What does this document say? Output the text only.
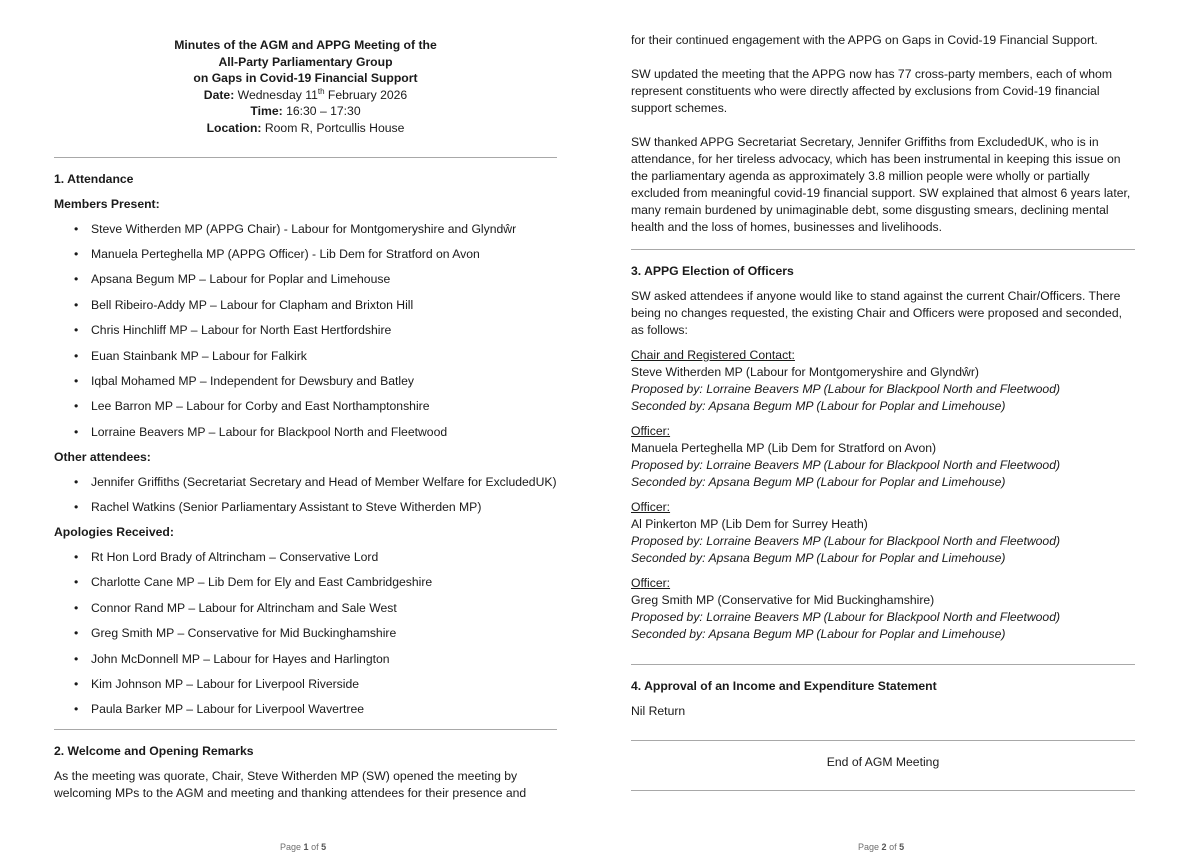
Minutes of the AGM and APPG Meeting of the
All-Party Parliamentary Group
on Gaps in Covid-19 Financial Support
Date: Wednesday 11th February 2026
Time: 16:30 – 17:30
Location: Room R, Portcullis House

1. Attendance

Members Present:

• Steve Witherden MP (APPG Chair) - Labour for Montgomeryshire and Glyndŵr
• Manuela Perteghella MP (APPG Officer) - Lib Dem for Stratford on Avon
• Apsana Begum MP – Labour for Poplar and Limehouse
• Bell Ribeiro-Addy MP – Labour for Clapham and Brixton Hill
• Chris Hinchliff MP – Labour for North East Hertfordshire
• Euan Stainbank MP – Labour for Falkirk
• Iqbal Mohamed MP – Independent for Dewsbury and Batley
• Lee Barron MP – Labour for Corby and East Northamptonshire
• Lorraine Beavers MP – Labour for Blackpool North and Fleetwood

Other attendees:

• Jennifer Griffiths (Secretariat Secretary and Head of Member Welfare for ExcludedUK)
• Rachel Watkins (Senior Parliamentary Assistant to Steve Witherden MP)

Apologies Received:

• Rt Hon Lord Brady of Altrincham – Conservative Lord
• Charlotte Cane MP – Lib Dem for Ely and East Cambridgeshire
• Connor Rand MP – Labour for Altrincham and Sale West
• Greg Smith MP – Conservative for Mid Buckinghamshire
• John McDonnell MP – Labour for Hayes and Harlington
• Kim Johnson MP – Labour for Liverpool Riverside
• Paula Barker MP – Labour for Liverpool Wavertree

2. Welcome and Opening Remarks

As the meeting was quorate, Chair, Steve Witherden MP (SW) opened the meeting by welcoming MPs to the AGM and meeting and thanking attendees for their presence and

Page 1 of 5

for their continued engagement with the APPG on Gaps in Covid-19 Financial Support.

SW updated the meeting that the APPG now has 77 cross-party members, each of whom represent constituents who were directly affected by exclusions from Covid-19 financial support schemes.

SW thanked APPG Secretariat Secretary, Jennifer Griffiths from ExcludedUK, who is in attendance, for her tireless advocacy, which has been instrumental in keeping this issue on the parliamentary agenda as approximately 3.8 million people were wholly or partially excluded from meaningful covid-19 financial support. SW explained that almost 6 years later, many remain burdened by unimaginable debt, some disgusting smears, declining mental health and the loss of homes, businesses and livelihoods.

3. APPG Election of Officers

SW asked attendees if anyone would like to stand against the current Chair/Officers. There being no changes requested, the existing Chair and Officers were proposed and seconded, as follows:

Chair and Registered Contact:
Steve Witherden MP (Labour for Montgomeryshire and Glyndŵr)
Proposed by: Lorraine Beavers MP (Labour for Blackpool North and Fleetwood)
Seconded by: Apsana Begum MP (Labour for Poplar and Limehouse)
Officer:
Manuela Perteghella MP (Lib Dem for Stratford on Avon)
Proposed by: Lorraine Beavers MP (Labour for Blackpool North and Fleetwood)
Seconded by: Apsana Begum MP (Labour for Poplar and Limehouse)
Officer:
Al Pinkerton MP (Lib Dem for Surrey Heath)
Proposed by: Lorraine Beavers MP (Labour for Blackpool North and Fleetwood)
Seconded by: Apsana Begum MP (Labour for Poplar and Limehouse)
Officer:
Greg Smith MP (Conservative for Mid Buckinghamshire)
Proposed by: Lorraine Beavers MP (Labour for Blackpool North and Fleetwood)
Seconded by: Apsana Begum MP (Labour for Poplar and Limehouse)

4. Approval of an Income and Expenditure Statement

Nil Return

End of AGM Meeting

Page 2 of 5
